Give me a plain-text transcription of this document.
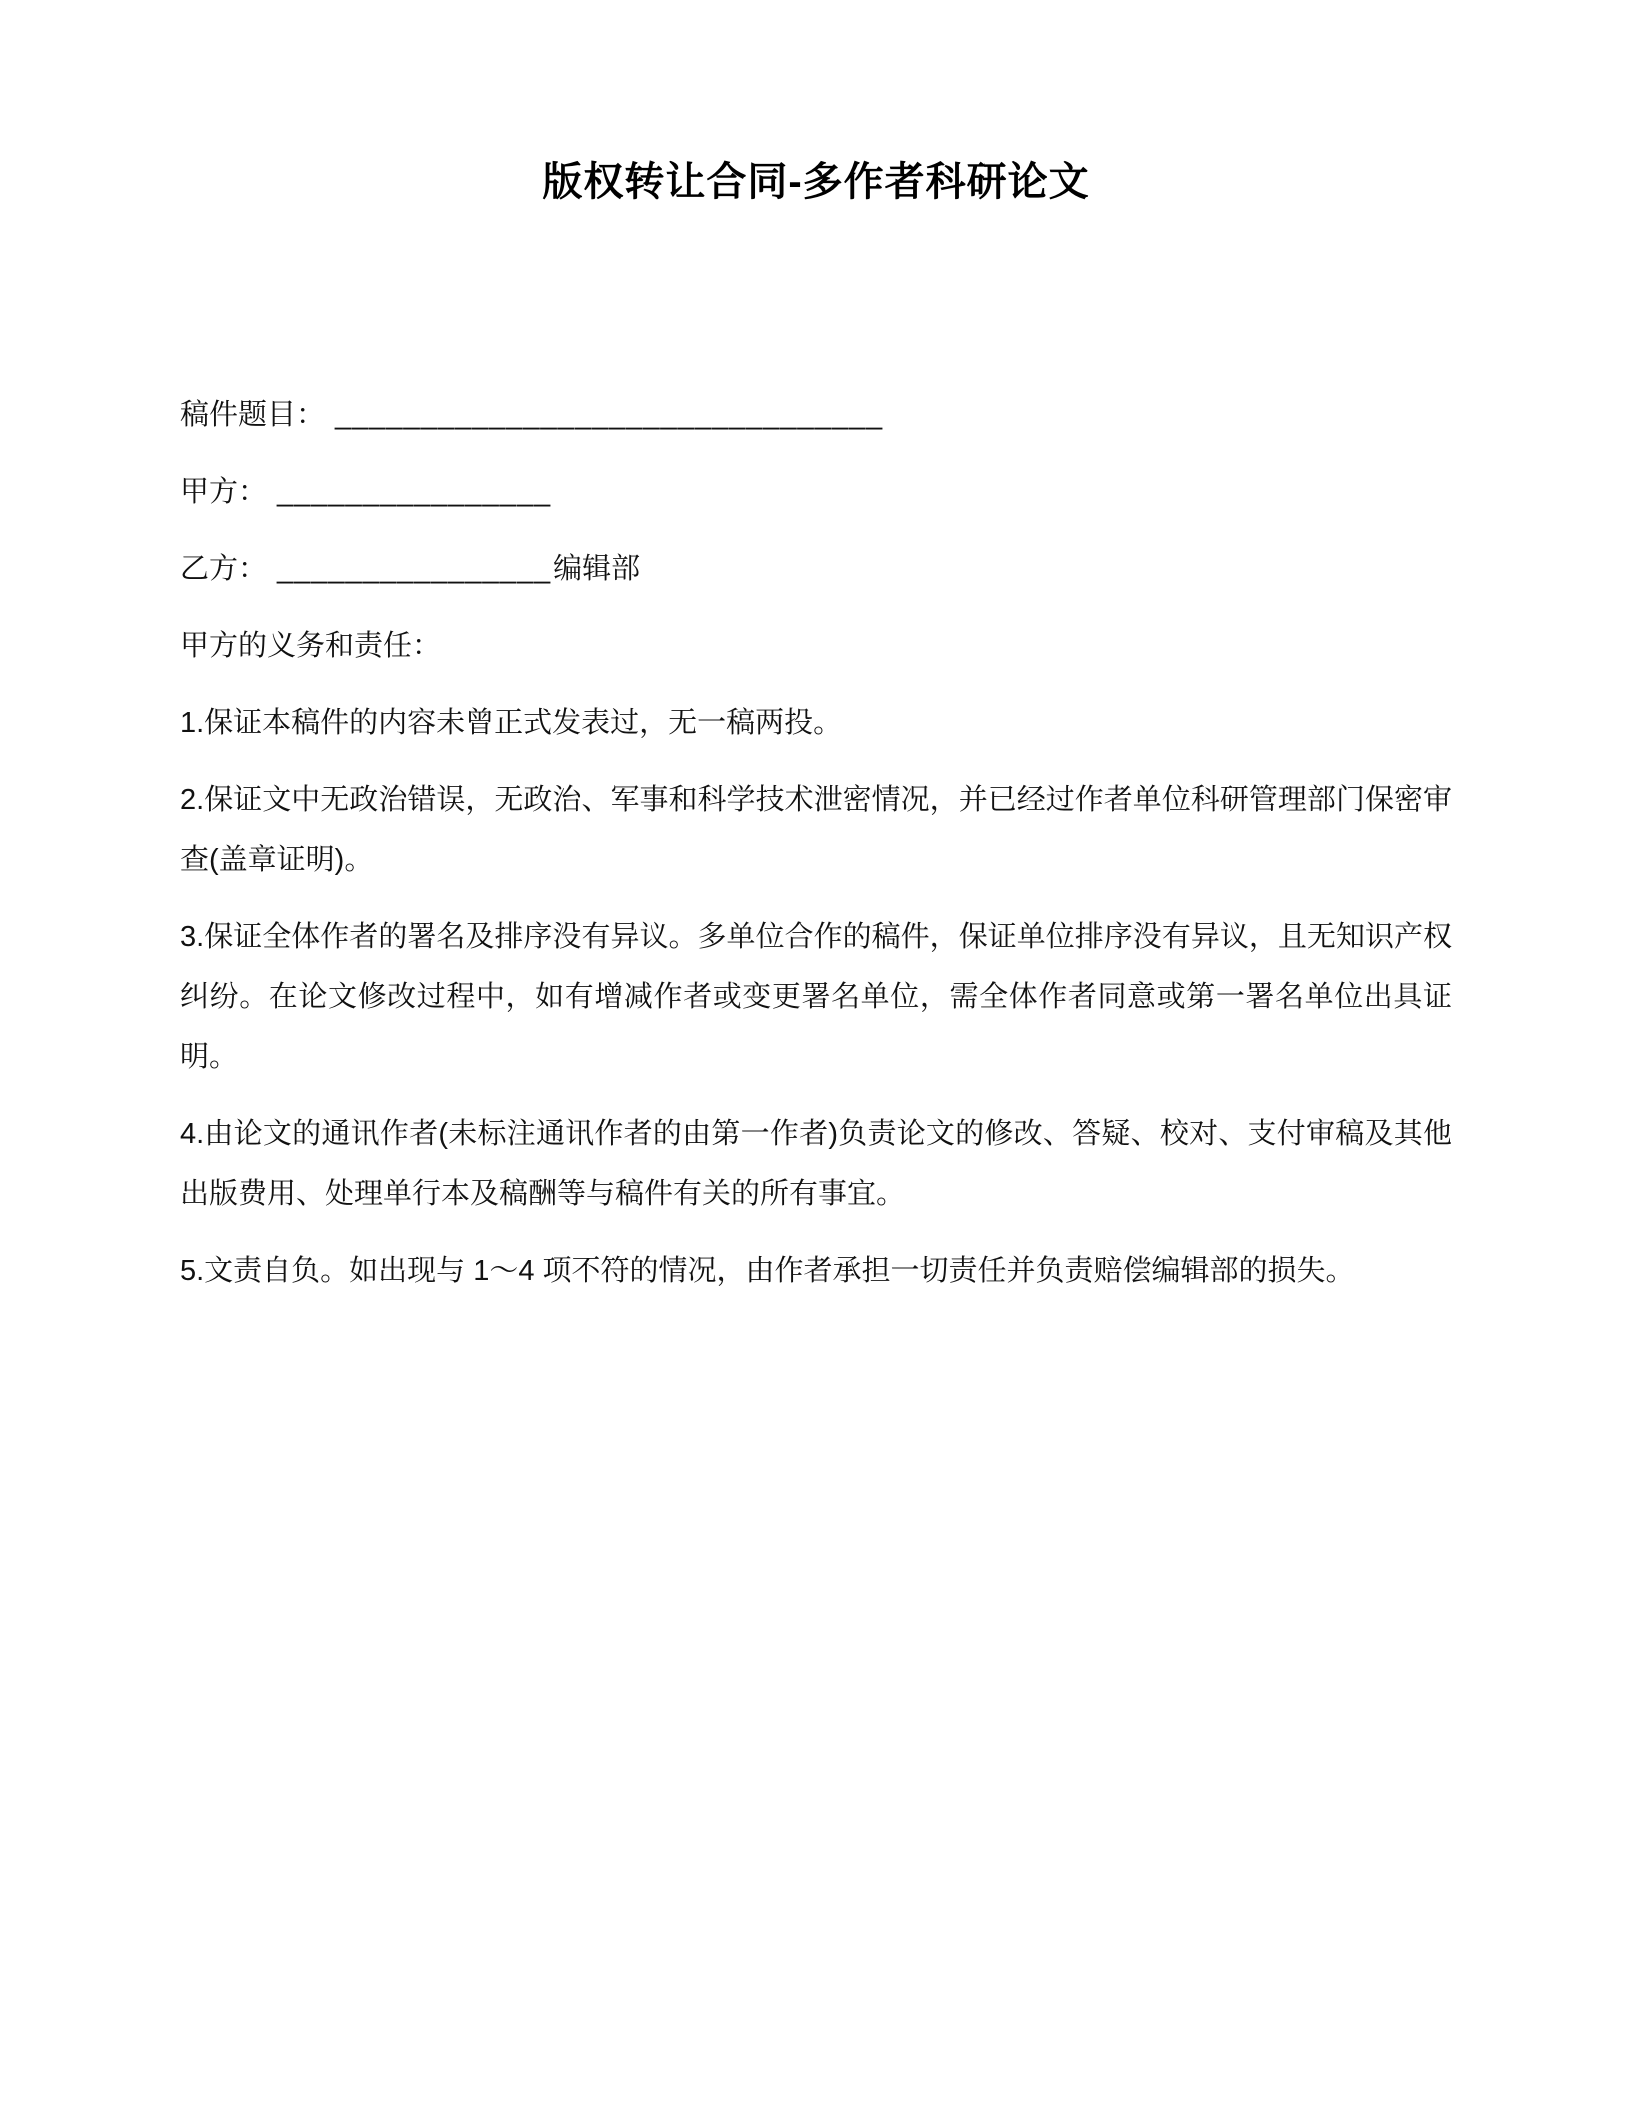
版权转让合同-多作者科研论文

稿件题目： ________________________________

甲方： ________________

乙方： ________________编辑部

甲方的义务和责任：

1.保证本稿件的内容未曾正式发表过，无一稿两投。

2.保证文中无政治错误，无政治、军事和科学技术泄密情况，并已经过作者单位科研管理部门保密审查(盖章证明)。

3.保证全体作者的署名及排序没有异议。多单位合作的稿件，保证单位排序没有异议，且无知识产权纠纷。在论文修改过程中，如有增减作者或变更署名单位，需全体作者同意或第一署名单位出具证明。

4.由论文的通讯作者(未标注通讯作者的由第一作者)负责论文的修改、答疑、校对、支付审稿及其他出版费用、处理单行本及稿酬等与稿件有关的所有事宜。

5.文责自负。如出现与 1～4 项不符的情况，由作者承担一切责任并负责赔偿编辑部的损失。
